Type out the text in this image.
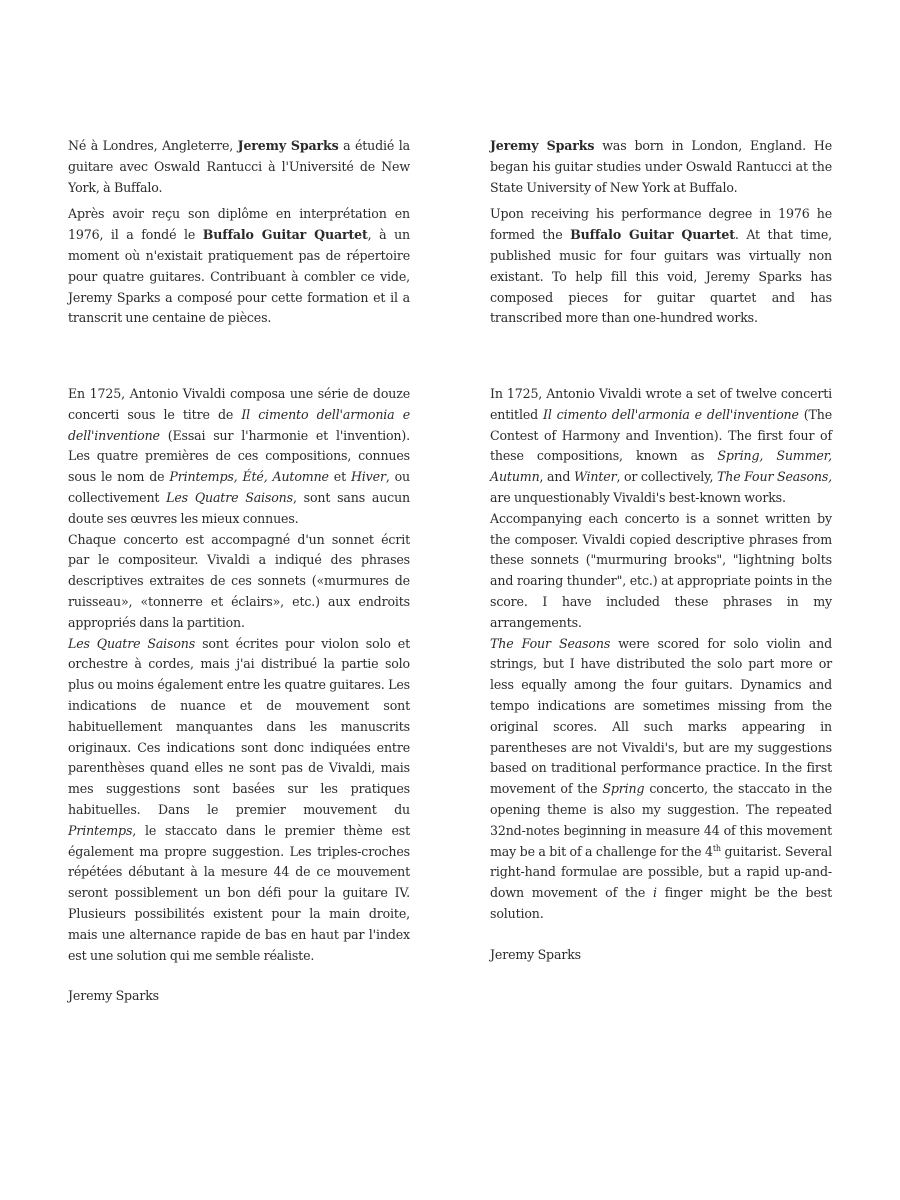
Né à Londres, Angleterre, Jeremy Sparks a étudié la guitare avec Oswald Rantucci à l'Université de New York, à Buffalo.

Après avoir reçu son diplôme en interprétation en 1976, il a fondé le Buffalo Guitar Quartet, à un moment où n'existait pratiquement pas de répertoire pour quatre guitares. Contribuant à combler ce vide, Jeremy Sparks a composé pour cette formation et il a transcrit une centaine de pièces.

Jeremy Sparks was born in London, England. He began his guitar studies under Oswald Rantucci at the State University of New York at Buffalo.

Upon receiving his performance degree in 1976 he formed the Buffalo Guitar Quartet. At that time, published music for four guitars was virtually non existant. To help fill this void, Jeremy Sparks has composed pieces for guitar quartet and has transcribed more than one-hundred works.

En 1725, Antonio Vivaldi composa une série de douze concerti sous le titre de Il cimento dell'armonia e dell'inventione (Essai sur l'harmonie et l'invention). Les quatre premières de ces compositions, connues sous le nom de Printemps, Été, Automne et Hiver, ou collectivement Les Quatre Saisons, sont sans aucun doute ses œuvres les mieux connues.

Chaque concerto est accompagné d'un sonnet écrit par le compositeur. Vivaldi a indiqué des phrases descriptives extraites de ces sonnets («murmures de ruisseau», «tonnerre et éclairs», etc.) aux endroits appropriés dans la partition.

Les Quatre Saisons sont écrites pour violon solo et orchestre à cordes, mais j'ai distribué la partie solo plus ou moins également entre les quatre guitares. Les indications de nuance et de mouvement sont habituellement manquantes dans les manuscrits originaux. Ces indications sont donc indiquées entre parenthèses quand elles ne sont pas de Vivaldi, mais mes suggestions sont basées sur les pratiques habituelles. Dans le premier mouvement du Printemps, le staccato dans le premier thème est également ma propre suggestion. Les triples-croches répétées débutant à la mesure 44 de ce mouvement seront possiblement un bon défi pour la guitare IV. Plusieurs possibilités existent pour la main droite, mais une alternance rapide de bas en haut par l'index est une solution qui me semble réaliste.

Jeremy Sparks

In 1725, Antonio Vivaldi wrote a set of twelve concerti entitled Il cimento dell'armonia e dell'inventione (The Contest of Harmony and Invention). The first four of these compositions, known as Spring, Summer, Autumn, and Winter, or collectively, The Four Seasons, are unquestionably Vivaldi's best-known works.

Accompanying each concerto is a sonnet written by the composer. Vivaldi copied descriptive phrases from these sonnets ("murmuring brooks", "lightning bolts and roaring thunder", etc.) at appropriate points in the score. I have included these phrases in my arrangements.

The Four Seasons were scored for solo violin and strings, but I have distributed the solo part more or less equally among the four guitars. Dynamics and tempo indications are sometimes missing from the original scores. All such marks appearing in parentheses are not Vivaldi's, but are my suggestions based on traditional performance practice. In the first movement of the Spring concerto, the staccato in the opening theme is also my suggestion. The repeated 32nd-notes beginning in measure 44 of this movement may be a bit of a challenge for the 4th guitarist. Several right-hand formulae are possible, but a rapid up-and-down movement of the i finger might be the best solution.

Jeremy Sparks
